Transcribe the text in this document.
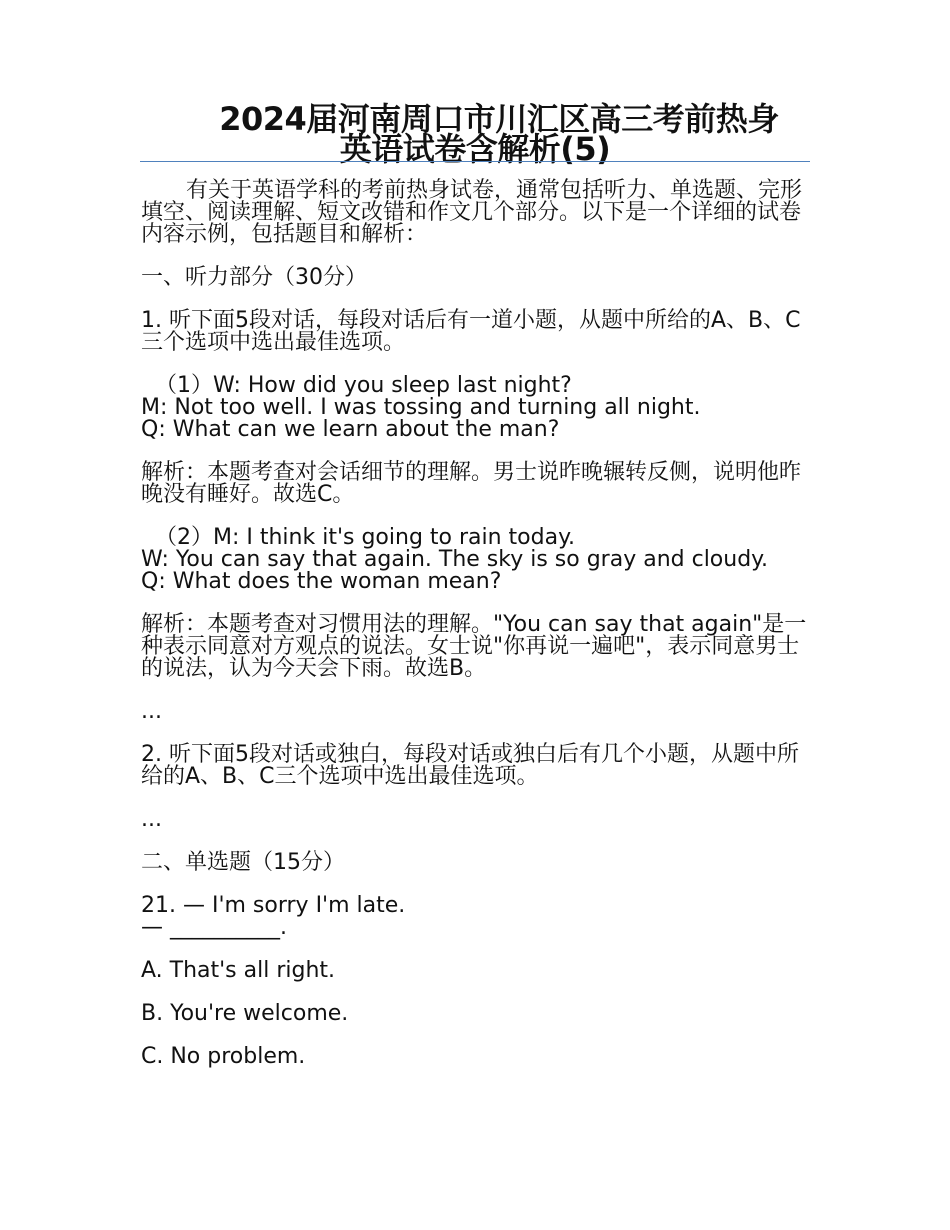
2024届河南周口市川汇区高三考前热身
英语试卷含解析(5)

有关于英语学科的考前热身试卷，通常包括听力、单选题、完形填空、阅读理解、短文改错和作文几个部分。以下是一个详细的试卷内容示例，包括题目和解析：

一、听力部分（30分）

1. 听下面5段对话，每段对话后有一道小题，从题中所给的A、B、C三个选项中选出最佳选项。

（1）W: How did you sleep last night?
M: Not too well. I was tossing and turning all night.
Q: What can we learn about the man?

解析：本题考查对会话细节的理解。男士说昨晚辗转反侧，说明他昨晚没有睡好。故选C。

（2）M: I think it's going to rain today.
W: You can say that again. The sky is so gray and cloudy.
Q: What does the woman mean?

解析：本题考查对习惯用法的理解。"You can say that again"是一种表示同意对方观点的说法。女士说"你再说一遍吧"，表示同意男士的说法，认为今天会下雨。故选B。

...

2. 听下面5段对话或独白，每段对话或独白后有几个小题，从题中所给的A、B、C三个选项中选出最佳选项。

...

二、单选题（15分）

21. — I'm sorry I'm late.
— __________.

A. That's all right.

B. You're welcome.

C. No problem.
